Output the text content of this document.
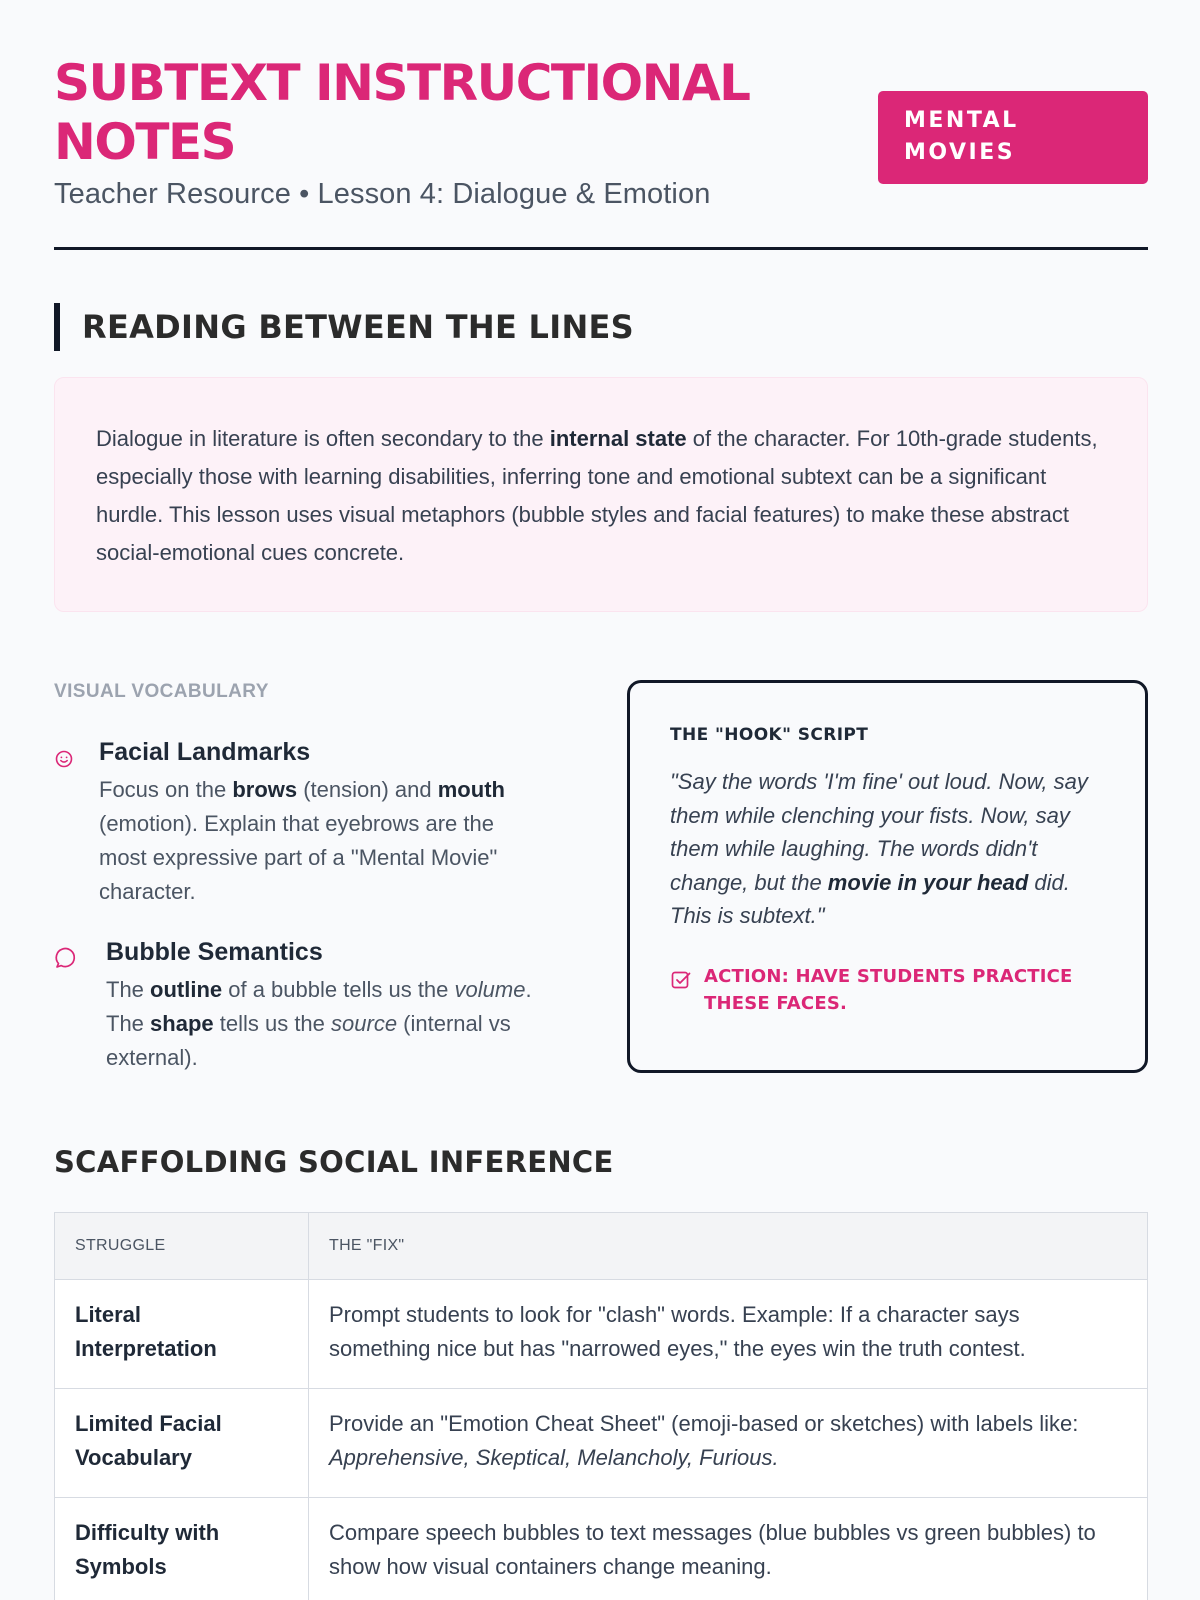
SUBTEXT INSTRUCTIONAL NOTES
Teacher Resource • Lesson 4: Dialogue & Emotion
MENTAL MOVIES
READING BETWEEN THE LINES
Dialogue in literature is often secondary to the internal state of the character. For 10th-grade students, especially those with learning disabilities, inferring tone and emotional subtext can be a significant hurdle. This lesson uses visual metaphors (bubble styles and facial features) to make these abstract social-emotional cues concrete.
VISUAL VOCABULARY
Facial Landmarks
Focus on the brows (tension) and mouth (emotion). Explain that eyebrows are the most expressive part of a "Mental Movie" character.
Bubble Semantics
The outline of a bubble tells us the volume. The shape tells us the source (internal vs external).
THE "HOOK" SCRIPT
"Say the words 'I'm fine' out loud. Now, say them while clenching your fists. Now, say them while laughing. The words didn't change, but the movie in your head did. This is subtext."
ACTION: HAVE STUDENTS PRACTICE THESE FACES.
SCAFFOLDING SOCIAL INFERENCE
STRUGGLE	THE "FIX"
Literal Interpretation	Prompt students to look for "clash" words. Example: If a character says something nice but has "narrowed eyes," the eyes win the truth contest.
Limited Facial Vocabulary	Provide an "Emotion Cheat Sheet" (emoji-based or sketches) with labels like: Apprehensive, Skeptical, Melancholy, Furious.
Difficulty with Symbols	Compare speech bubbles to text messages (blue bubbles vs green bubbles) to show how visual containers change meaning.
